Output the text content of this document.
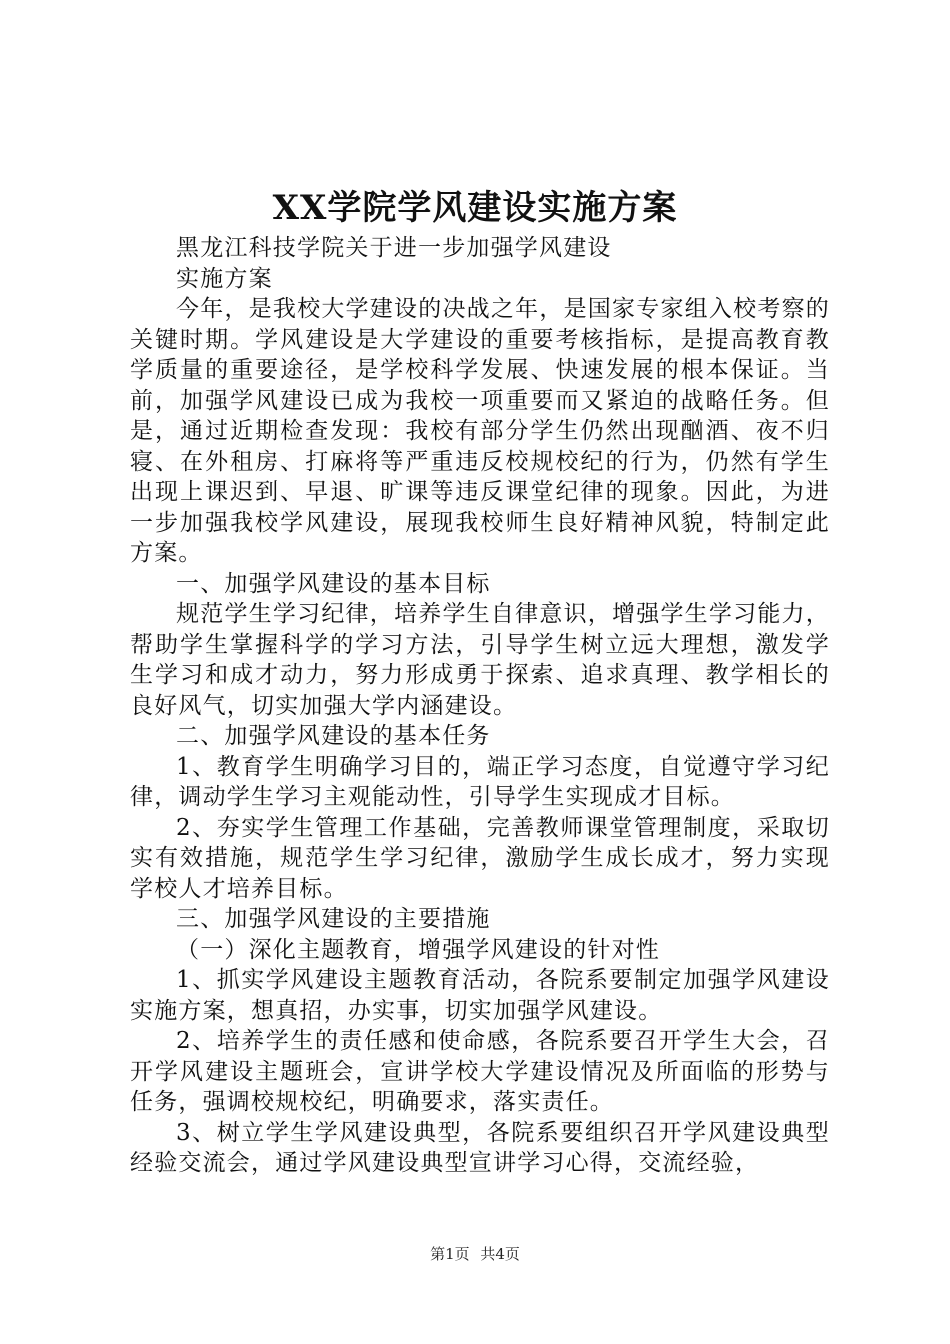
XX学院学风建设实施方案

黑龙江科技学院关于进一步加强学风建设

实施方案

今年，是我校大学建设的决战之年，是国家专家组入校考察的关键时期。学风建设是大学建设的重要考核指标，是提高教育教学质量的重要途径，是学校科学发展、快速发展的根本保证。当前，加强学风建设已成为我校一项重要而又紧迫的战略任务。但是，通过近期检查发现：我校有部分学生仍然出现酗酒、夜不归寝、在外租房、打麻将等严重违反校规校纪的行为，仍然有学生出现上课迟到、早退、旷课等违反课堂纪律的现象。因此，为进一步加强我校学风建设，展现我校师生良好精神风貌，特制定此方案。

一、加强学风建设的基本目标

规范学生学习纪律，培养学生自律意识，增强学生学习能力，帮助学生掌握科学的学习方法，引导学生树立远大理想，激发学生学习和成才动力，努力形成勇于探索、追求真理、教学相长的良好风气，切实加强大学内涵建设。

二、加强学风建设的基本任务

1、教育学生明确学习目的，端正学习态度，自觉遵守学习纪律，调动学生学习主观能动性，引导学生实现成才目标。

2、夯实学生管理工作基础，完善教师课堂管理制度，采取切实有效措施，规范学生学习纪律，激励学生成长成才，努力实现学校人才培养目标。

三、加强学风建设的主要措施

（一）深化主题教育，增强学风建设的针对性

1、抓实学风建设主题教育活动，各院系要制定加强学风建设实施方案，想真招，办实事，切实加强学风建设。

2、培养学生的责任感和使命感，各院系要召开学生大会，召开学风建设主题班会，宣讲学校大学建设情况及所面临的形势与任务，强调校规校纪，明确要求，落实责任。

3、树立学生学风建设典型，各院系要组织召开学风建设典型经验交流会，通过学风建设典型宣讲学习心得，交流经验，

第1页 共4页
